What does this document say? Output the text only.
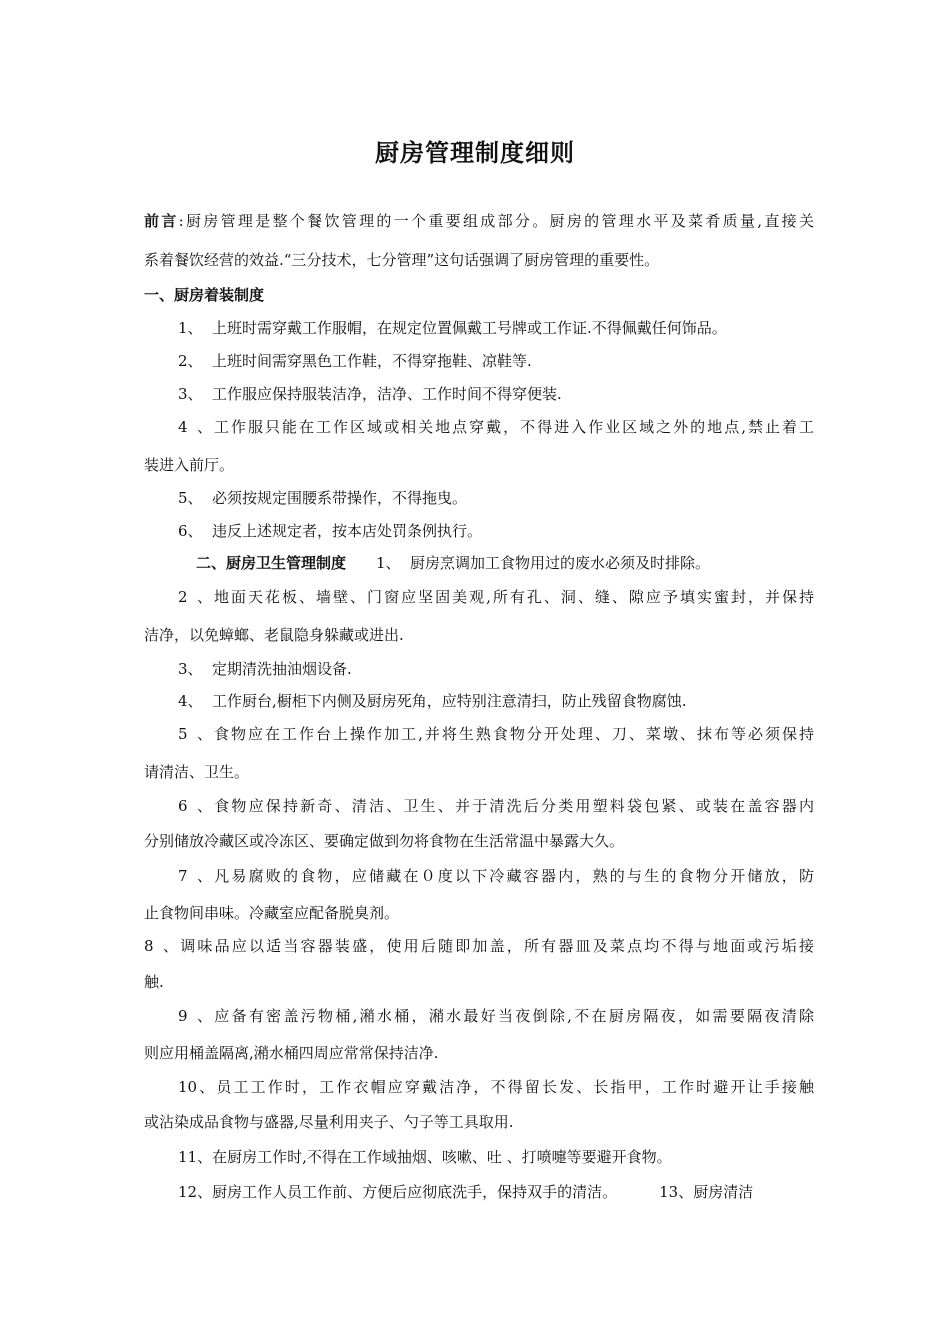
厨房管理制度细则
前言:厨房管理是整个餐饮管理的一个重要组成部分。厨房的管理水平及菜肴质量,直接关
系着餐饮经营的效益.“三分技术，七分管理”这句话强调了厨房管理的重要性。
一、厨房着装制度
1、 上班时需穿戴工作服帽，在规定位置佩戴工号牌或工作证.不得佩戴任何饰品。
2、 上班时间需穿黑色工作鞋，不得穿拖鞋、凉鞋等.
3、 工作服应保持服装洁净，洁净、工作时间不得穿便装.
4、工作服只能在工作区域或相关地点穿戴，不得进入作业区域之外的地点,禁止着工
装进入前厅。
5、 必须按规定围腰系带操作，不得拖曳。
6、 违反上述规定者，按本店处罚条例执行。
二、厨房卫生管理制度 1、 厨房烹调加工食物用过的废水必须及时排除。
2、地面天花板、墙壁、门窗应坚固美观,所有孔、洞、缝、隙应予填实蜜封，并保持
洁净，以免蟑螂、老鼠隐身躲藏或进出.
3、 定期清洗抽油烟设备.
4、 工作厨台,橱柜下内侧及厨房死角，应特别注意清扫，防止残留食物腐蚀.
5、食物应在工作台上操作加工,并将生熟食物分开处理、刀、菜墩、抹布等必须保持
请清洁、卫生。
6、食物应保持新奇、清洁、卫生、并于清洗后分类用塑料袋包紧、或装在盖容器内
分别储放冷藏区或冷冻区、要确定做到勿将食物在生活常温中暴露大久。
7、凡易腐败的食物，应储藏在０度以下冷藏容器内，熟的与生的食物分开储放，防
止食物间串味。冷藏室应配备脱臭剂。
8、调味品应以适当容器装盛，使用后随即加盖，所有器皿及菜点均不得与地面或污垢接
触.
9、应备有密盖污物桶,潲水桶，潲水最好当夜倒除,不在厨房隔夜，如需要隔夜清除
则应用桶盖隔离,潲水桶四周应常常保持洁净.
10、员工工作时，工作衣帽应穿戴洁净，不得留长发、长指甲，工作时避开让手接触
或沾染成品食物与盛器,尽量利用夹子、勺子等工具取用.
11、在厨房工作时,不得在工作域抽烟、咳嗽、吐 、打喷嚏等要避开食物。
12、厨房工作人员工作前、方便后应彻底洗手，保持双手的清洁。	13、厨房清洁
